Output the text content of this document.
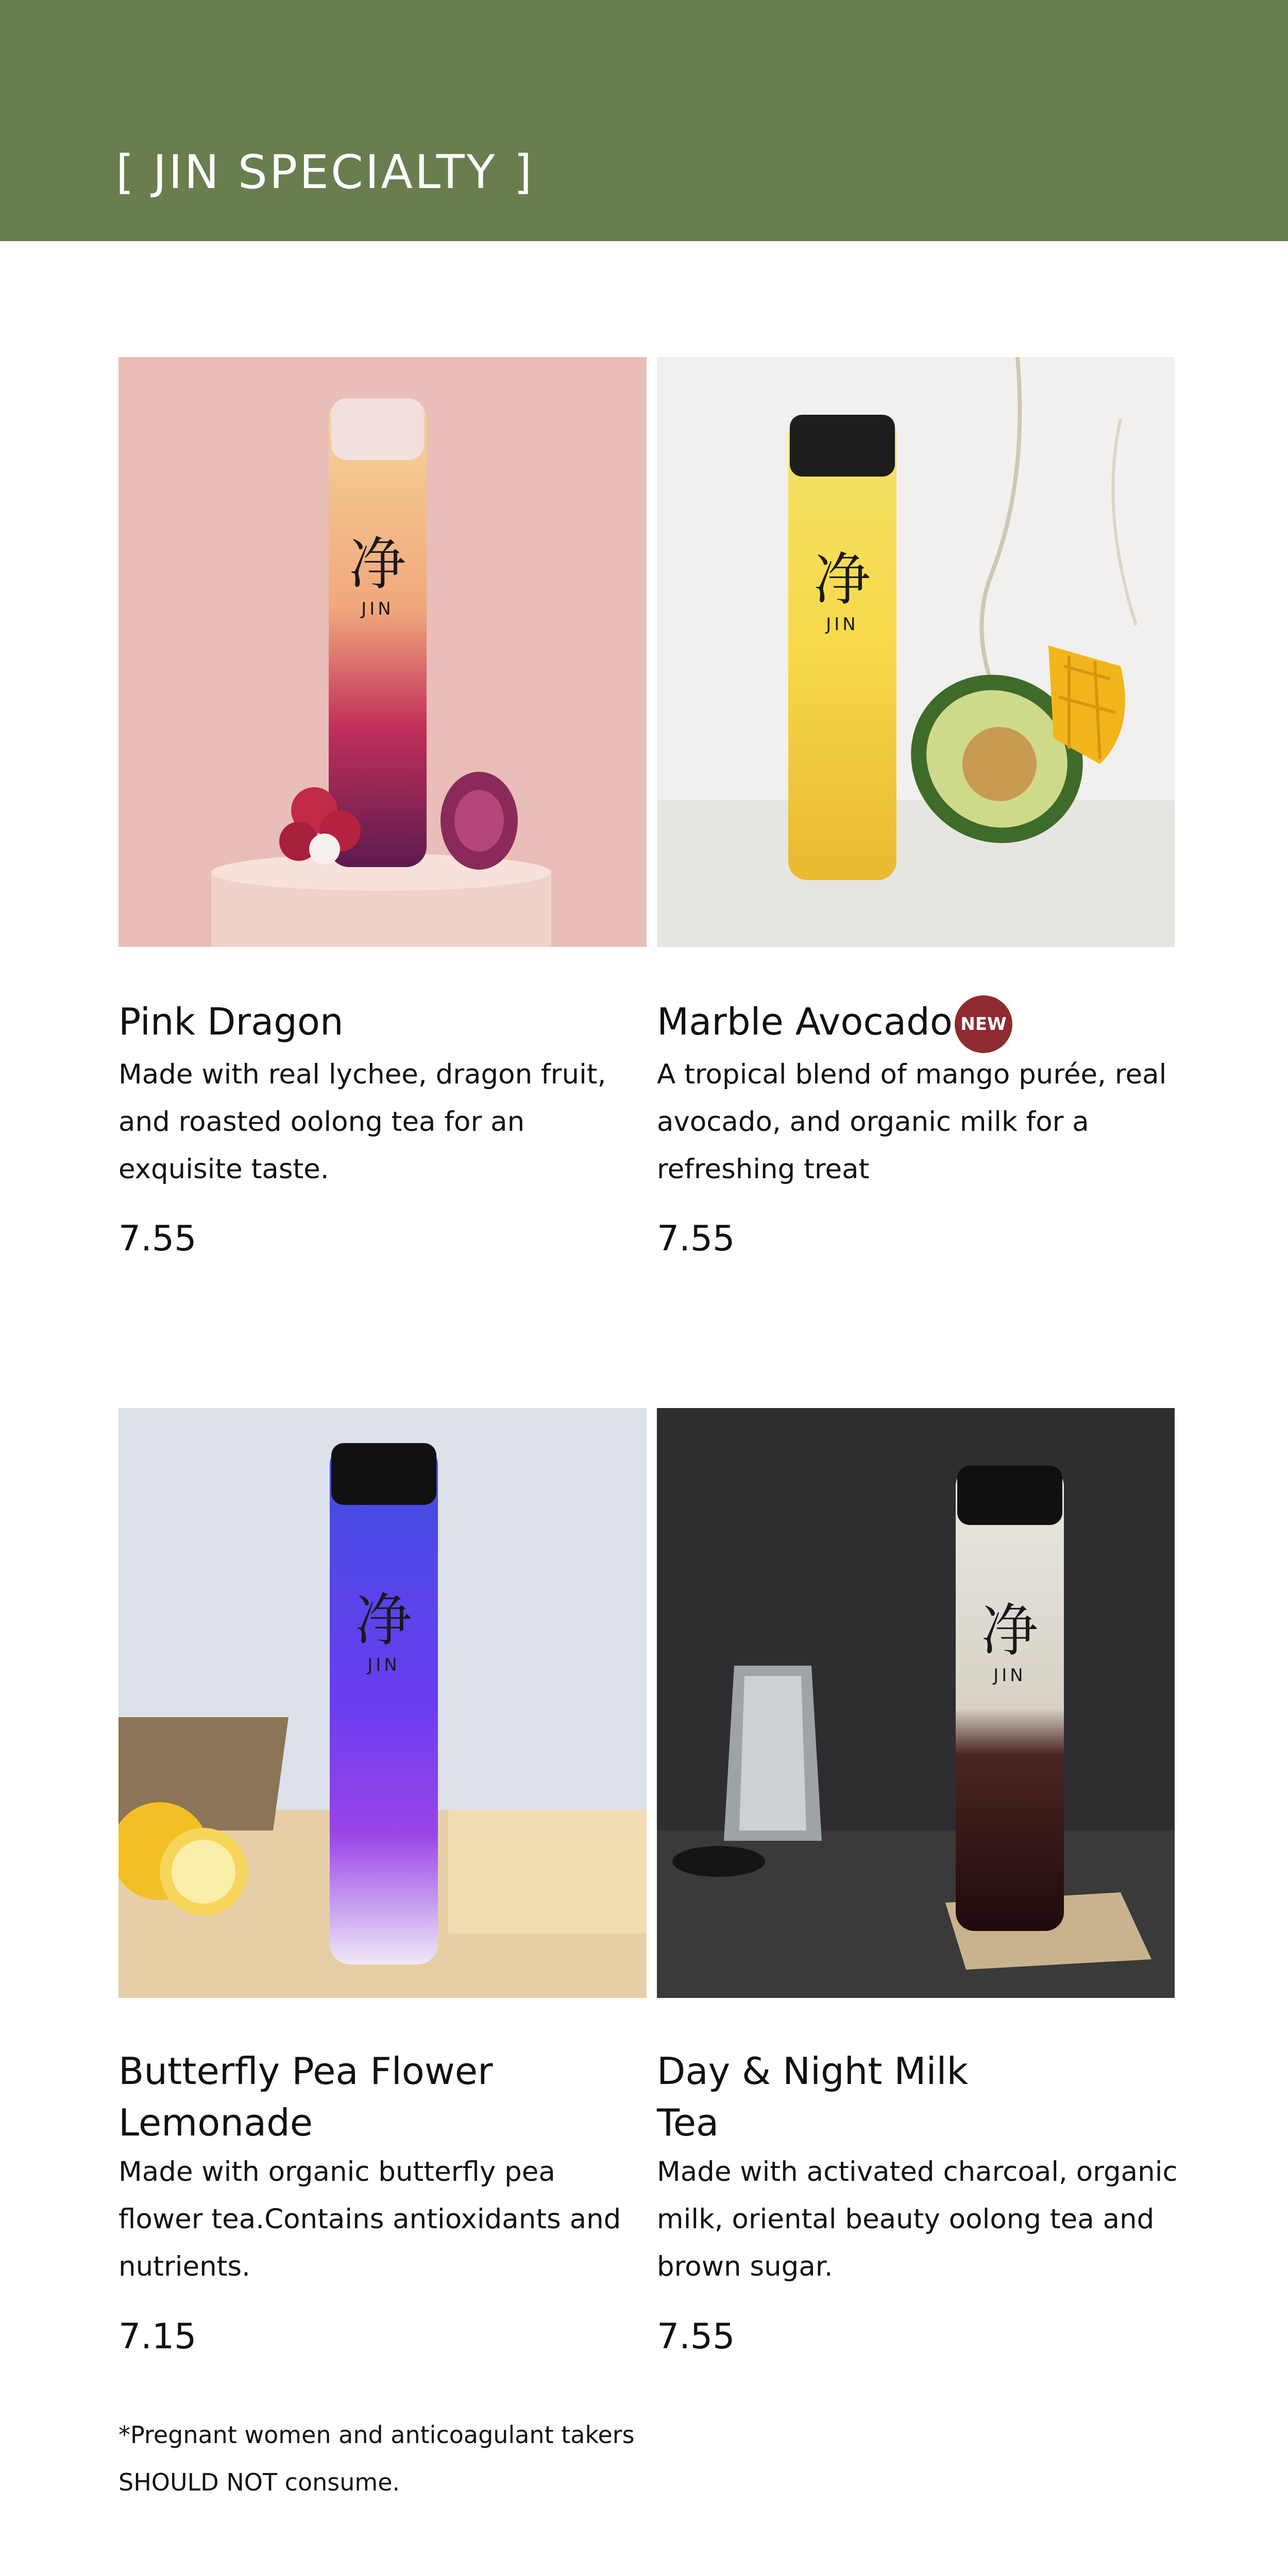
[ JIN SPECIALTY ]
净
JIN	净
JIN
Pink Dragon

Made with real lychee, dragon fruit, and roasted oolong tea for an exquisite taste.

7.55

Marble Avocado NEW

A tropical blend of mango purée, real avocado, and organic milk for a refreshing treat

7.55

净
JIN
净
JIN
Butterfly Pea Flower Lemonade

Made with organic butterfly pea flower tea.Contains antioxidants and nutrients.

7.15

*Pregnant women and anticoagulant takers SHOULD NOT consume.

Day & Night Milk Tea

Made with activated charcoal, organic milk, oriental beauty oolong tea and brown sugar.

7.55
